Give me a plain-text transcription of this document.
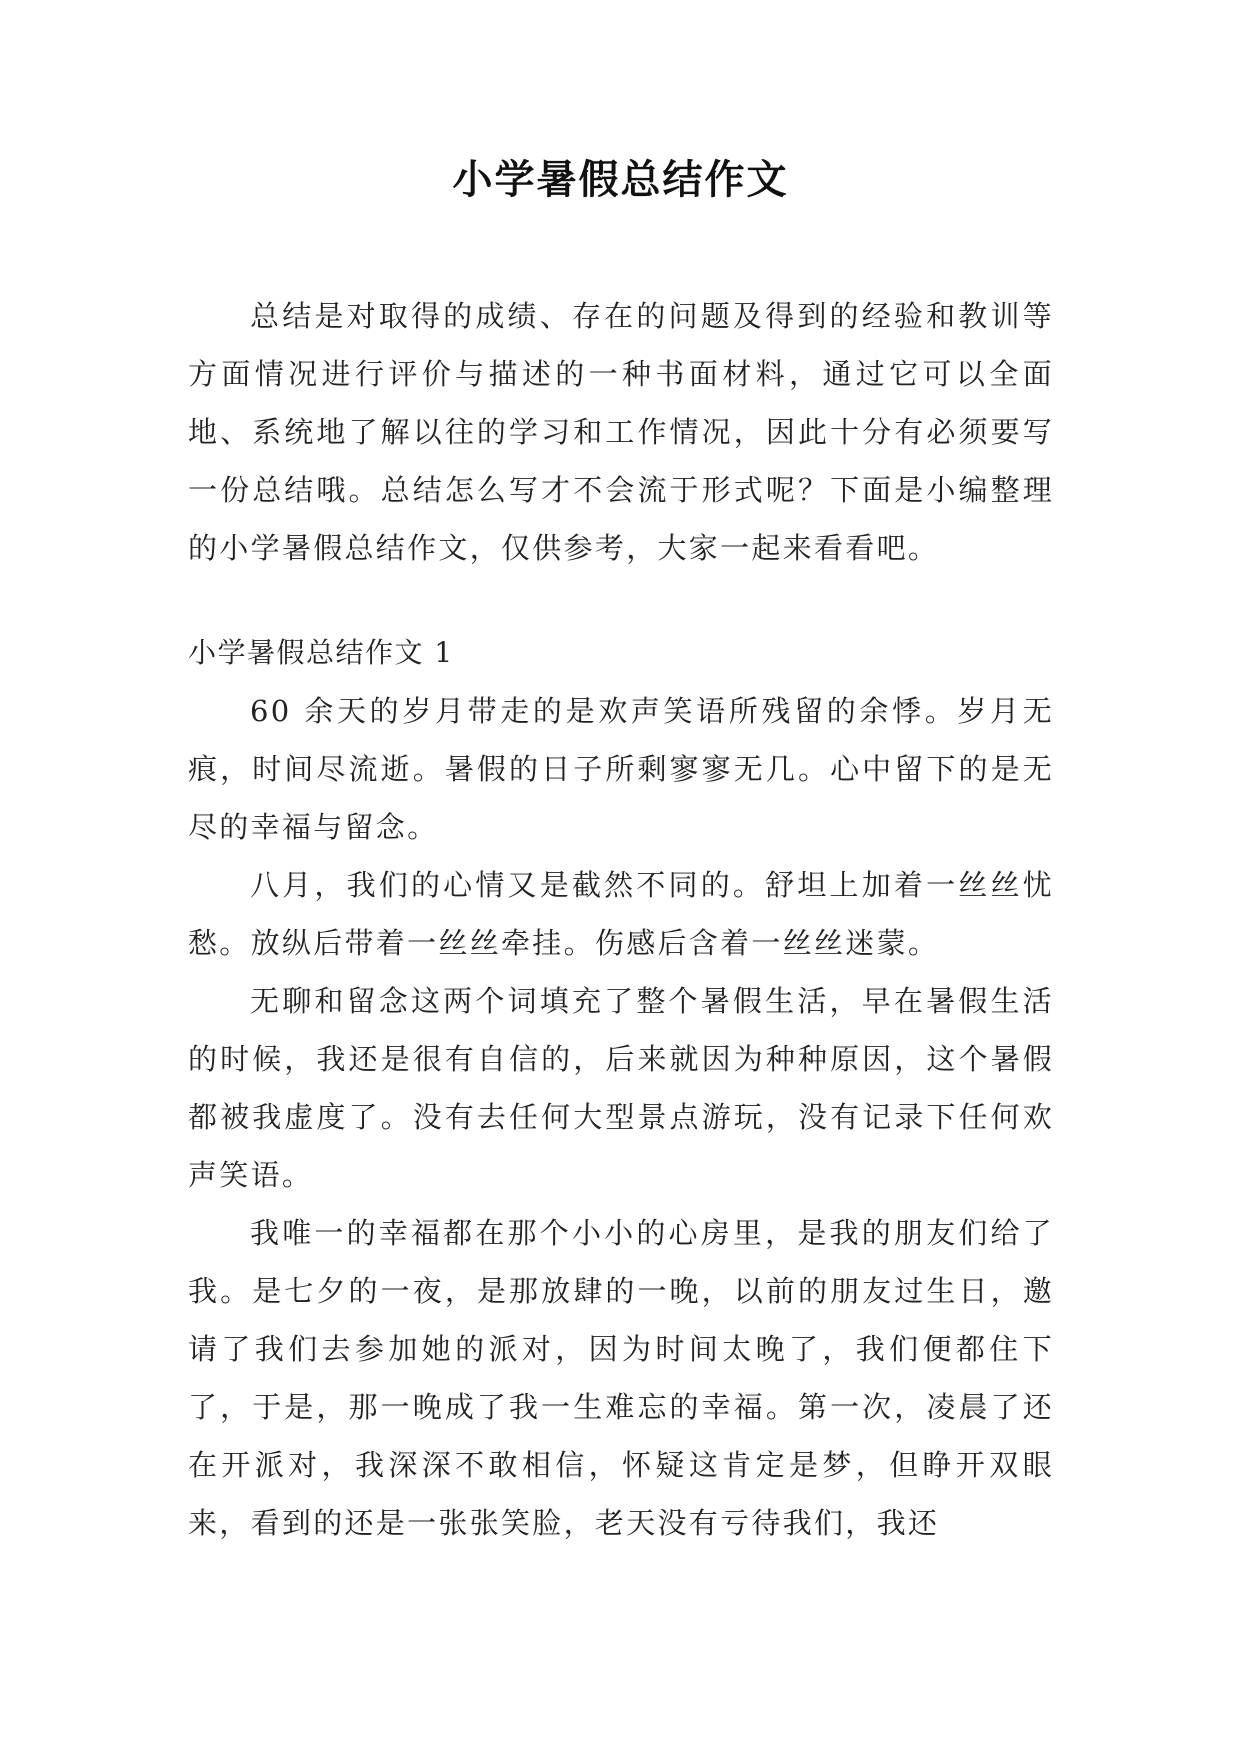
小学暑假总结作文

总结是对取得的成绩、存在的问题及得到的经验和教训等方面情况进行评价与描述的一种书面材料，通过它可以全面地、系统地了解以往的学习和工作情况，因此十分有必须要写一份总结哦。总结怎么写才不会流于形式呢？下面是小编整理的小学暑假总结作文，仅供参考，大家一起来看看吧。

小学暑假总结作文 1

60 余天的岁月带走的是欢声笑语所残留的余悸。岁月无痕，时间尽流逝。暑假的日子所剩寥寥无几。心中留下的是无尽的幸福与留念。

八月，我们的心情又是截然不同的。舒坦上加着一丝丝忧愁。放纵后带着一丝丝牵挂。伤感后含着一丝丝迷蒙。

无聊和留念这两个词填充了整个暑假生活，早在暑假生活的时候，我还是很有自信的，后来就因为种种原因，这个暑假都被我虚度了。没有去任何大型景点游玩，没有记录下任何欢声笑语。

我唯一的幸福都在那个小小的心房里，是我的朋友们给了我。是七夕的一夜，是那放肆的一晚，以前的朋友过生日，邀请了我们去参加她的派对，因为时间太晚了，我们便都住下了，于是，那一晚成了我一生难忘的幸福。第一次，凌晨了还在开派对，我深深不敢相信，怀疑这肯定是梦，但睁开双眼来，看到的还是一张张笑脸，老天没有亏待我们，我还
